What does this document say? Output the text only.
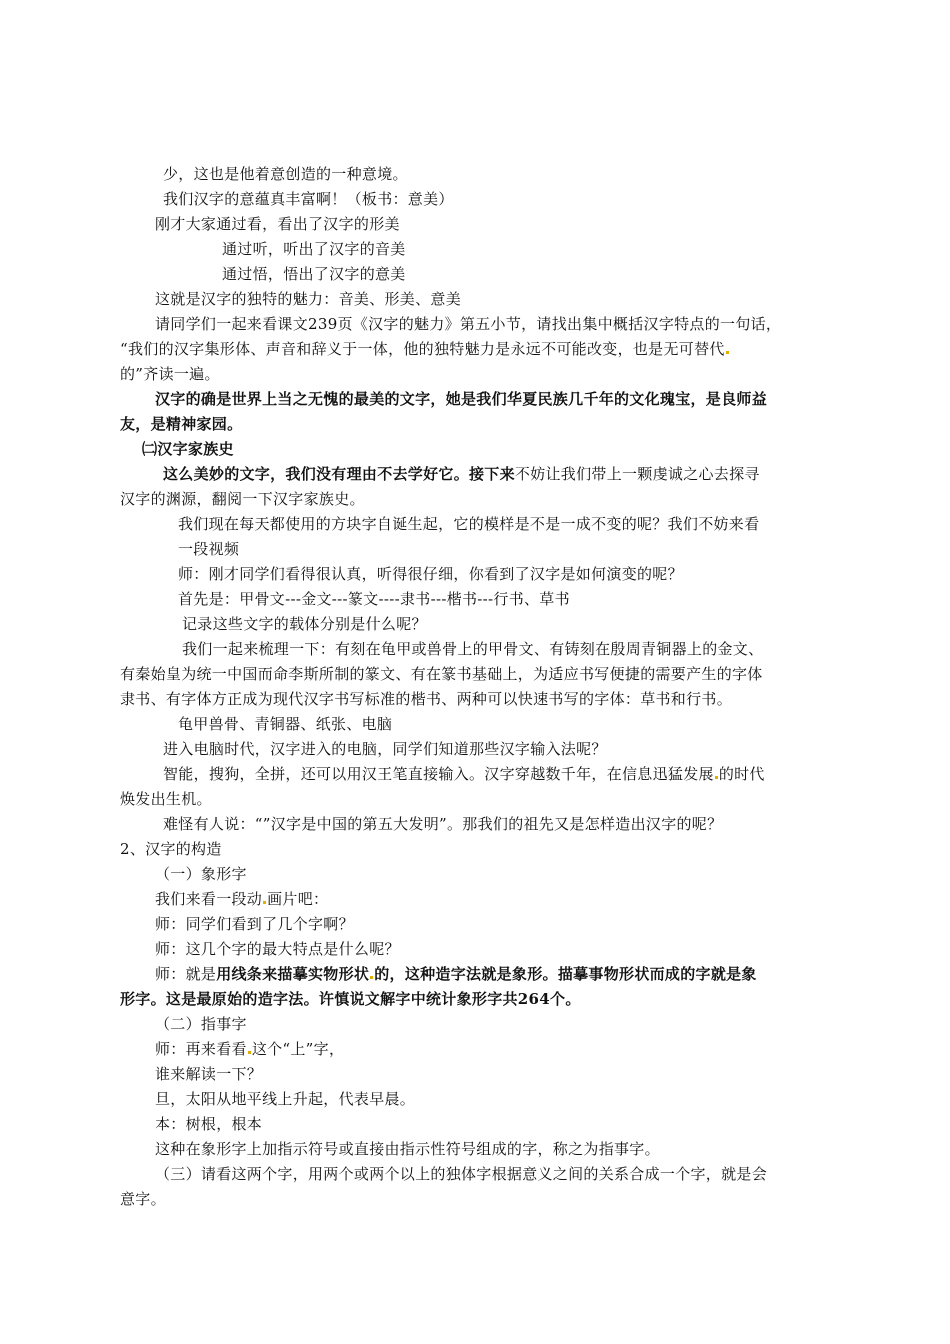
少，这也是他着意创造的一种意境。
我们汉字的意蕴真丰富啊！（板书：意美）
刚才大家通过看，看出了汉字的形美
通过听，听出了汉字的音美
通过悟，悟出了汉字的意美
这就是汉字的独特的魅力：音美、形美、意美
请同学们一起来看课文239页《汉字的魅力》第五小节，请找出集中概括汉字特点的一句话，
“我们的汉字集形体、声音和辞义于一体，他的独特魅力是永远不可能改变，也是无可替代
的”齐读一遍。
汉字的确是世界上当之无愧的最美的文字，她是我们华夏民族几千年的文化瑰宝，是良师益
友，是精神家园。
㈡汉字家族史
这么美妙的文字，我们没有理由不去学好它。接下来不妨让我们带上一颗虔诚之心去探寻
汉字的渊源，翻阅一下汉字家族史。
我们现在每天都使用的方块字自诞生起，它的模样是不是一成不变的呢？我们不妨来看
一段视频
师：刚才同学们看得很认真，听得很仔细，你看到了汉字是如何演变的呢？
首先是：甲骨文---金文---篆文----隶书---楷书---行书、草书
记录这些文字的载体分别是什么呢？
我们一起来梳理一下：有刻在龟甲或兽骨上的甲骨文、有铸刻在殷周青铜器上的金文、
有秦始皇为统一中国而命李斯所制的篆文、有在篆书基础上，为适应书写便捷的需要产生的字体
隶书、有字体方正成为现代汉字书写标准的楷书、两种可以快速书写的字体：草书和行书。
龟甲兽骨、青铜器、纸张、电脑
进入电脑时代，汉字进入的电脑，同学们知道那些汉字输入法呢？
智能，搜狗，全拼，还可以用汉王笔直接输入。汉字穿越数千年，在信息迅猛发展 的时代
焕发出生机。
难怪有人说：“”汉字是中国的第五大发明”。那我们的祖先又是怎样造出汉字的呢？
2、汉字的构造
（一）象形字
我们来看一段动 画片吧：
师：同学们看到了几个字啊？
师：这几个字的最大特点是什么呢？
师：就是用线条来描摹实物形状 的，这种造字法就是象形。描摹事物形状而成的字就是象
形字。这是最原始的造字法。许慎说文解字中统计象形字共264个。
（二）指事字
师：再来看看 这个“上”字，
谁来解读一下？
旦，太阳从地平线上升起，代表早晨。
本：树根，根本
这种在象形字上加指示符号或直接由指示性符号组成的字，称之为指事字。
（三）请看这两个字，用两个或两个以上的独体字根据意义之间的关系合成一个字，就是会
意字。
